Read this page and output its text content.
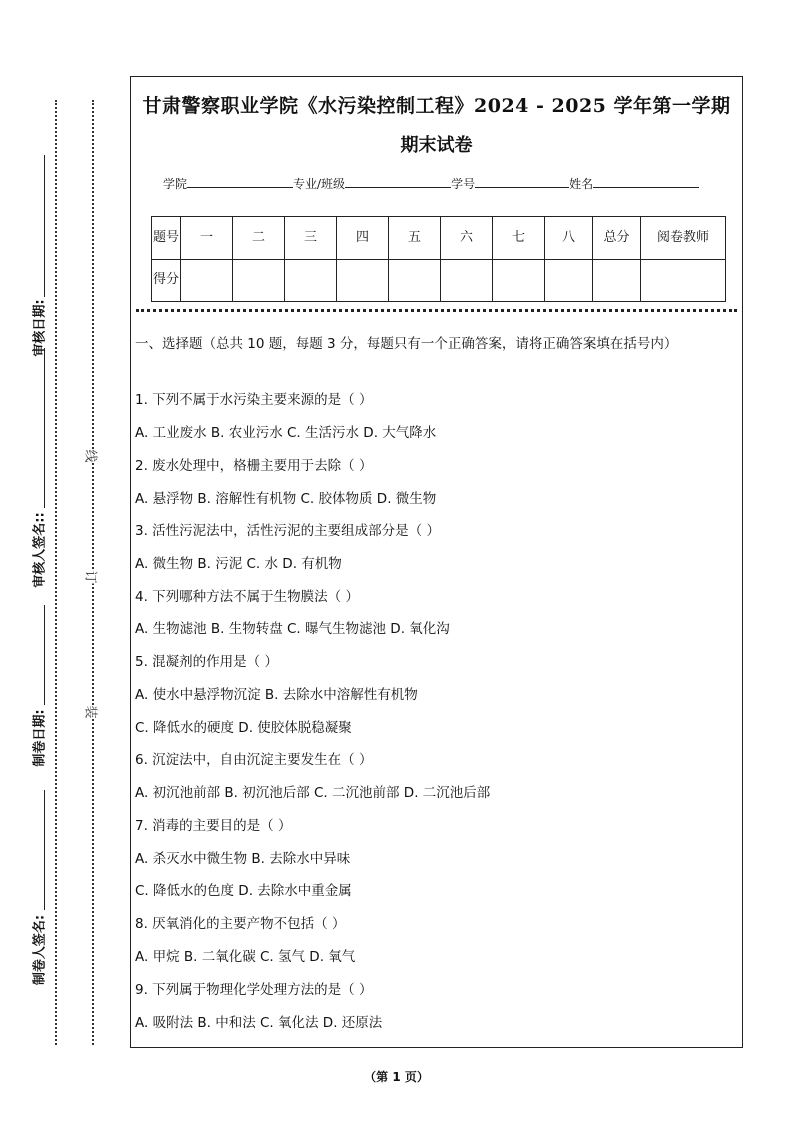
审核日期:
审核人签名::
制卷日期:
制卷人签名:
线
订
装
甘肃警察职业学院《水污染控制工程》2024 - 2025 学年第一学期
期末试卷
学院	专业/班级	学号	姓名
题号	一	二	三	四	五	六	七	八	总分	阅卷教师
得分										
一、选择题（总共 10 题，每题 3 分，每题只有一个正确答案，请将正确答案填在括号内）
1. 下列不属于水污染主要来源的是（ ）
A. 工业废水 B. 农业污水 C. 生活污水 D. 大气降水
2. 废水处理中，格栅主要用于去除（ ）
A. 悬浮物 B. 溶解性有机物 C. 胶体物质 D. 微生物
3. 活性污泥法中，活性污泥的主要组成部分是（ ）
A. 微生物 B. 污泥 C. 水 D. 有机物
4. 下列哪种方法不属于生物膜法（ ）
A. 生物滤池 B. 生物转盘 C. 曝气生物滤池 D. 氧化沟
5. 混凝剂的作用是（ ）
A. 使水中悬浮物沉淀 B. 去除水中溶解性有机物
C. 降低水的硬度 D. 使胶体脱稳凝聚
6. 沉淀法中，自由沉淀主要发生在（ ）
A. 初沉池前部 B. 初沉池后部 C. 二沉池前部 D. 二沉池后部
7. 消毒的主要目的是（ ）
A. 杀灭水中微生物 B. 去除水中异味
C. 降低水的色度 D. 去除水中重金属
8. 厌氧消化的主要产物不包括（ ）
A. 甲烷 B. 二氧化碳 C. 氢气 D. 氧气
9. 下列属于物理化学处理方法的是（ ）
A. 吸附法 B. 中和法 C. 氧化法 D. 还原法
（第 1 页）
